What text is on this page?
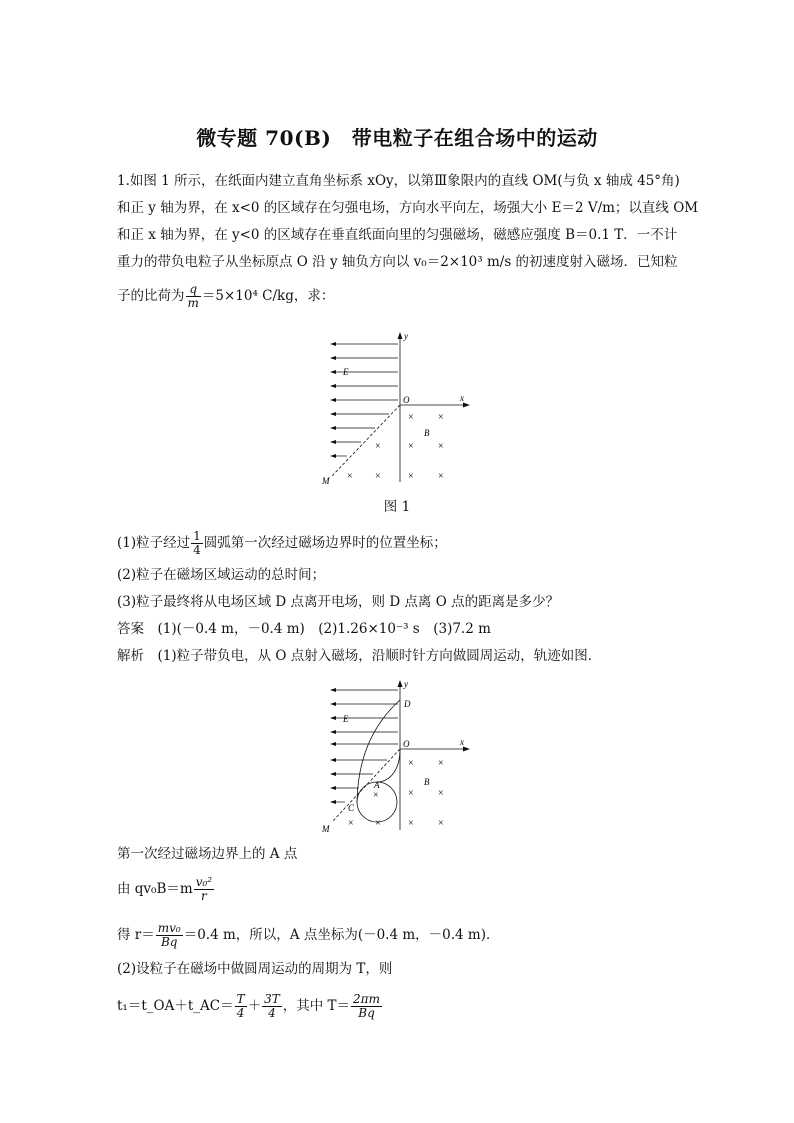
微专题 70(B)　带电粒子在组合场中的运动
1.如图 1 所示，在纸面内建立直角坐标系 xOy，以第Ⅲ象限内的直线 OM(与负 x 轴成 45°角)
和正 y 轴为界，在 x<0 的区域存在匀强电场，方向水平向左，场强大小 E＝2 V/m；以直线 OM
和正 x 轴为界，在 y<0 的区域存在垂直纸面向里的匀强磁场，磁感应强度 B＝0.1 T．一不计
重力的带负电粒子从坐标原点 O 沿 y 轴负方向以 v₀＝2×10³ m/s 的初速度射入磁场．已知粒
子的比荷为 $\frac{q}{m} =5\times 10^4$ C/kg，求：
y
x
O
E
B
M
× ×
× ×
×
× ×
×
×
图 1
(1)粒子经过 $\frac{1}{4}$ 圆弧第一次经过磁场边界时的位置坐标；
(2)粒子在磁场区域运动的总时间；
(3)粒子最终将从电场区域 D 点离开电场，则 D 点离 O 点的距离是多少？
答案　(1)(－0.4 m，－0.4 m)　(2)1.26×10⁻³ s　(3)7.2 m
解析　(1)粒子带负电，从 O 点射入磁场，沿顺时针方向做圆周运动，轨迹如图．
y
x
O
D
E
B
A
C
M
× ×
× ×
×
× ×
×
×
第一次经过磁场边界上的 A 点
由 $qv_0B=m \frac{\text{v₀²}}{r}$
得 $r= \frac{\text{mv₀}}{Bq} =0.4$ m，所以，A 点坐标为(－0.4 m，－0.4 m)．
(2)设粒子在磁场中做圆周运动的周期为 T，则
t₁＝t_OA＋t_AC＝ $\frac{T}{4} + \frac{3T}{4}$ ，其中 $T= \frac{2\pi m}{Bq}$
